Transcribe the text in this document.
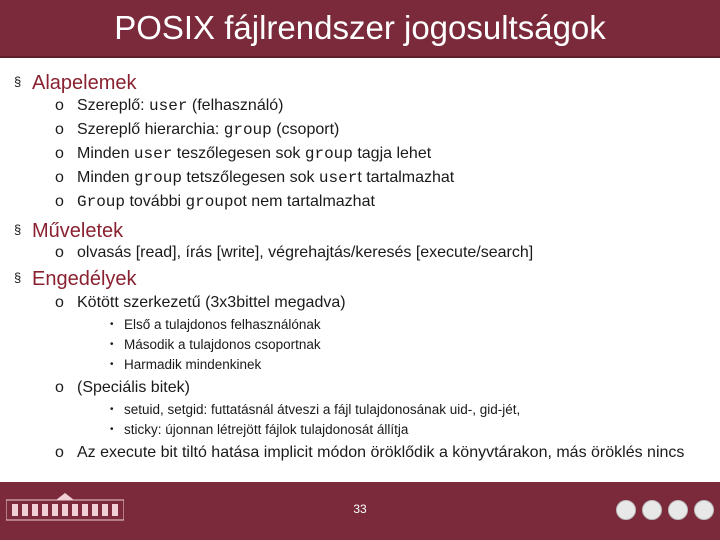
POSIX fájlrendszer jogosultságok
§ Alapelemek
o Szereplő: user (felhasználó)
o Szereplő hierarchia: group (csoport)
o Minden user teszőlegesen sok group tagja lehet
o Minden group tetszőlegesen sok usert tartalmazhat
o Group további groupot nem tartalmazhat
§ Műveletek
o olvasás [read], írás [write], végrehajtás/keresés [execute/search]
§ Engedélyek
o Kötött szerkezetű (3x3bittel megadva)
• Első a tulajdonos felhasználónak
• Második a tulajdonos csoportnak
• Harmadik mindenkinek
o (Speciális bitek)
• setuid, setgid: futtatásnál átveszi a fájl tulajdonosának uid-, gid-jét,
• sticky: újonnan létrejött fájlok tulajdonosát állítja
o Az execute bit tiltó hatása implicit módon öröklődik a könyvtárakon, más öröklés nincs
33
